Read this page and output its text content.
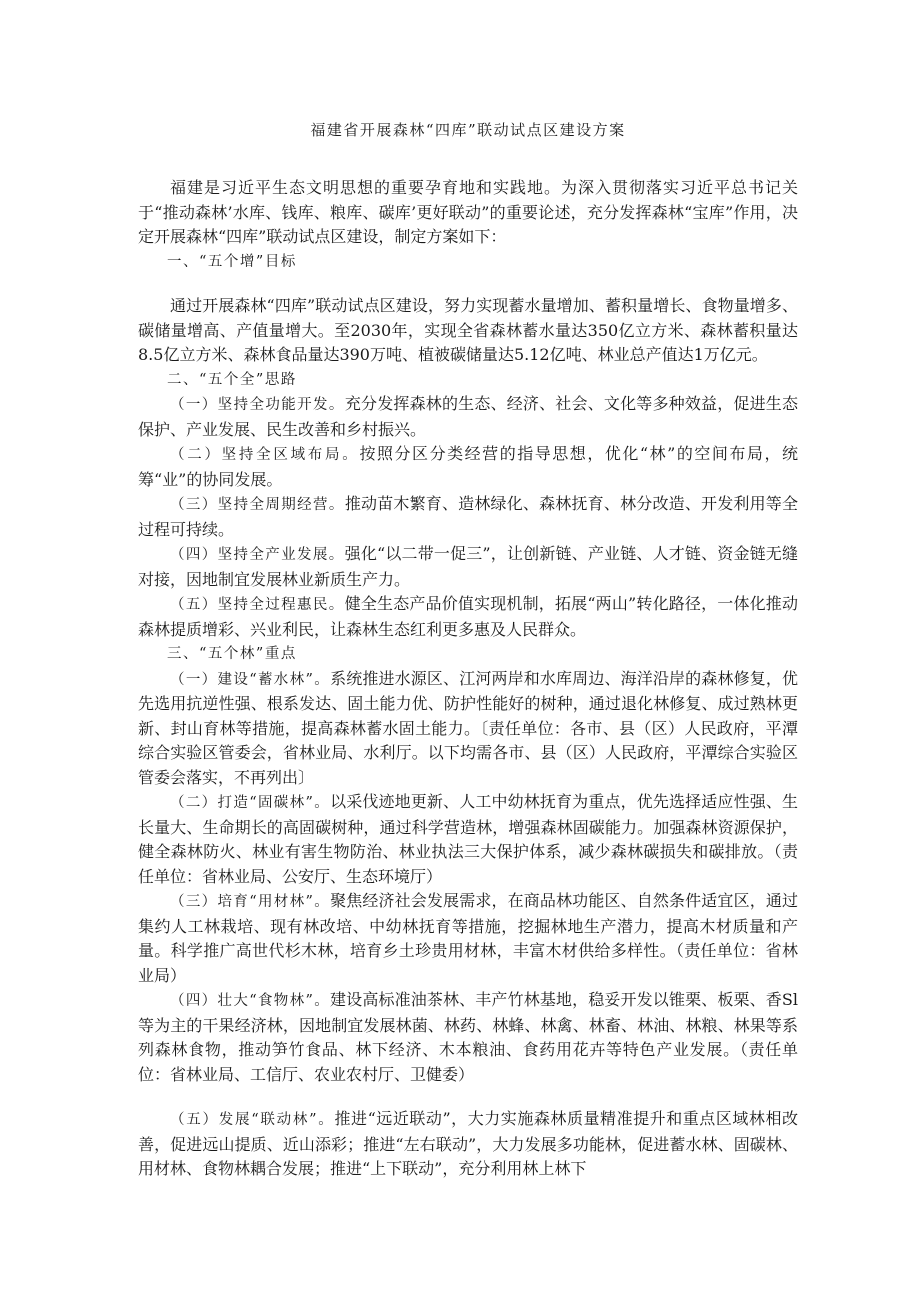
福建省开展森林“四库”联动试点区建设方案

福建是习近平生态文明思想的重要孕育地和实践地。为深入贯彻落实习近平总书记关于“推动森林’水库、钱库、粮库、碳库’更好联动”的重要论述，充分发挥森林“宝库”作用，决定开展森林“四库”联动试点区建设，制定方案如下：

一、“五个增”目标

通过开展森林“四库”联动试点区建设，努力实现蓄水量增加、蓄积量增长、食物量增多、碳储量增高、产值量增大。至2030年，实现全省森林蓄水量达350亿立方米、森林蓄积量达8.5亿立方米、森林食品量达390万吨、植被碳储量达5.12亿吨、林业总产值达1万亿元。

二、“五个全”思路

（一）坚持全功能开发。充分发挥森林的生态、经济、社会、文化等多种效益，促进生态保护、产业发展、民生改善和乡村振兴。

（二）坚持全区域布局。按照分区分类经营的指导思想，优化“林”的空间布局，统筹“业”的协同发展。

（三）坚持全周期经营。推动苗木繁育、造林绿化、森林抚育、林分改造、开发利用等全过程可持续。

（四）坚持全产业发展。强化“以二带一促三”，让创新链、产业链、人才链、资金链无缝对接，因地制宜发展林业新质生产力。

（五）坚持全过程惠民。健全生态产品价值实现机制，拓展“两山”转化路径，一体化推动森林提质增彩、兴业利民，让森林生态红利更多惠及人民群众。

三、“五个林”重点

（一）建设“蓄水林”。系统推进水源区、江河两岸和水库周边、海洋沿岸的森林修复，优先选用抗逆性强、根系发达、固土能力优、防护性能好的树种，通过退化林修复、成过熟林更新、封山育林等措施，提高森林蓄水固土能力。〔责任单位：各市、县（区）人民政府，平潭综合实验区管委会，省林业局、水利厅。以下均需各市、县（区）人民政府，平潭综合实验区管委会落实，不再列出〕

（二）打造“固碳林”。以采伐迹地更新、人工中幼林抚育为重点，优先选择适应性强、生长量大、生命期长的高固碳树种，通过科学营造林，增强森林固碳能力。加强森林资源保护，健全森林防火、林业有害生物防治、林业执法三大保护体系，减少森林碳损失和碳排放。（责任单位：省林业局、公安厅、生态环境厅）

（三）培育“用材林”。聚焦经济社会发展需求，在商品林功能区、自然条件适宜区，通过集约人工林栽培、现有林改培、中幼林抚育等措施，挖掘林地生产潜力，提高木材质量和产量。科学推广高世代杉木林，培育乡土珍贵用材林，丰富木材供给多样性。（责任单位：省林业局）

（四）壮大“食物林”。建设高标准油茶林、丰产竹林基地，稳妥开发以锥栗、板栗、香Sl等为主的干果经济林，因地制宜发展林菌、林药、林蜂、林禽、林畜、林油、林粮、林果等系列森林食物，推动笋竹食品、林下经济、木本粮油、食药用花卉等特色产业发展。（责任单位：省林业局、工信厅、农业农村厅、卫健委）

（五）发展“联动林”。推进“远近联动”，大力实施森林质量精准提升和重点区域林相改善，促进远山提质、近山添彩；推进“左右联动”，大力发展多功能林，促进蓄水林、固碳林、用材林、食物林耦合发展；推进“上下联动”，充分利用林上林下
